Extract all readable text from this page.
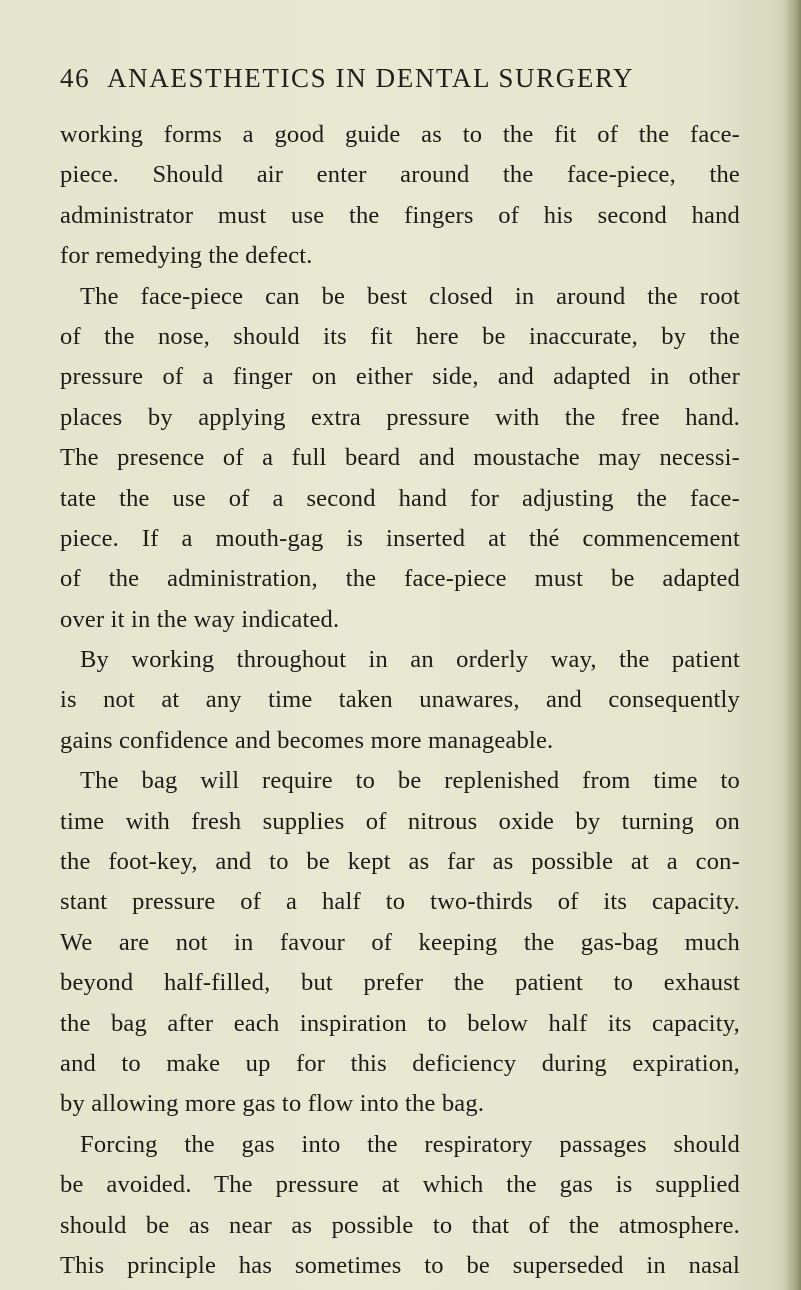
46 ANAESTHETICS IN DENTAL SURGERY
working forms a good guide as to the fit of the face-
piece. Should air enter around the face-piece, the
administrator must use the fingers of his second hand
for remedying the defect.
The face-piece can be best closed in around the root
of the nose, should its fit here be inaccurate, by the
pressure of a finger on either side, and adapted in other
places by applying extra pressure with the free hand.
The presence of a full beard and moustache may necessi-
tate the use of a second hand for adjusting the face-
piece. If a mouth-gag is inserted at thé commencement
of the administration, the face-piece must be adapted
over it in the way indicated.
By working throughout in an orderly way, the patient
is not at any time taken unawares, and consequently
gains confidence and becomes more manageable.
The bag will require to be replenished from time to
time with fresh supplies of nitrous oxide by turning on
the foot-key, and to be kept as far as possible at a con-
stant pressure of a half to two-thirds of its capacity.
We are not in favour of keeping the gas-bag much
beyond half-filled, but prefer the patient to exhaust
the bag after each inspiration to below half its capacity,
and to make up for this deficiency during expiration,
by allowing more gas to flow into the bag.
Forcing the gas into the respiratory passages should
be avoided. The pressure at which the gas is supplied
should be as near as possible to that of the atmosphere.
This principle has sometimes to be superseded in nasal
